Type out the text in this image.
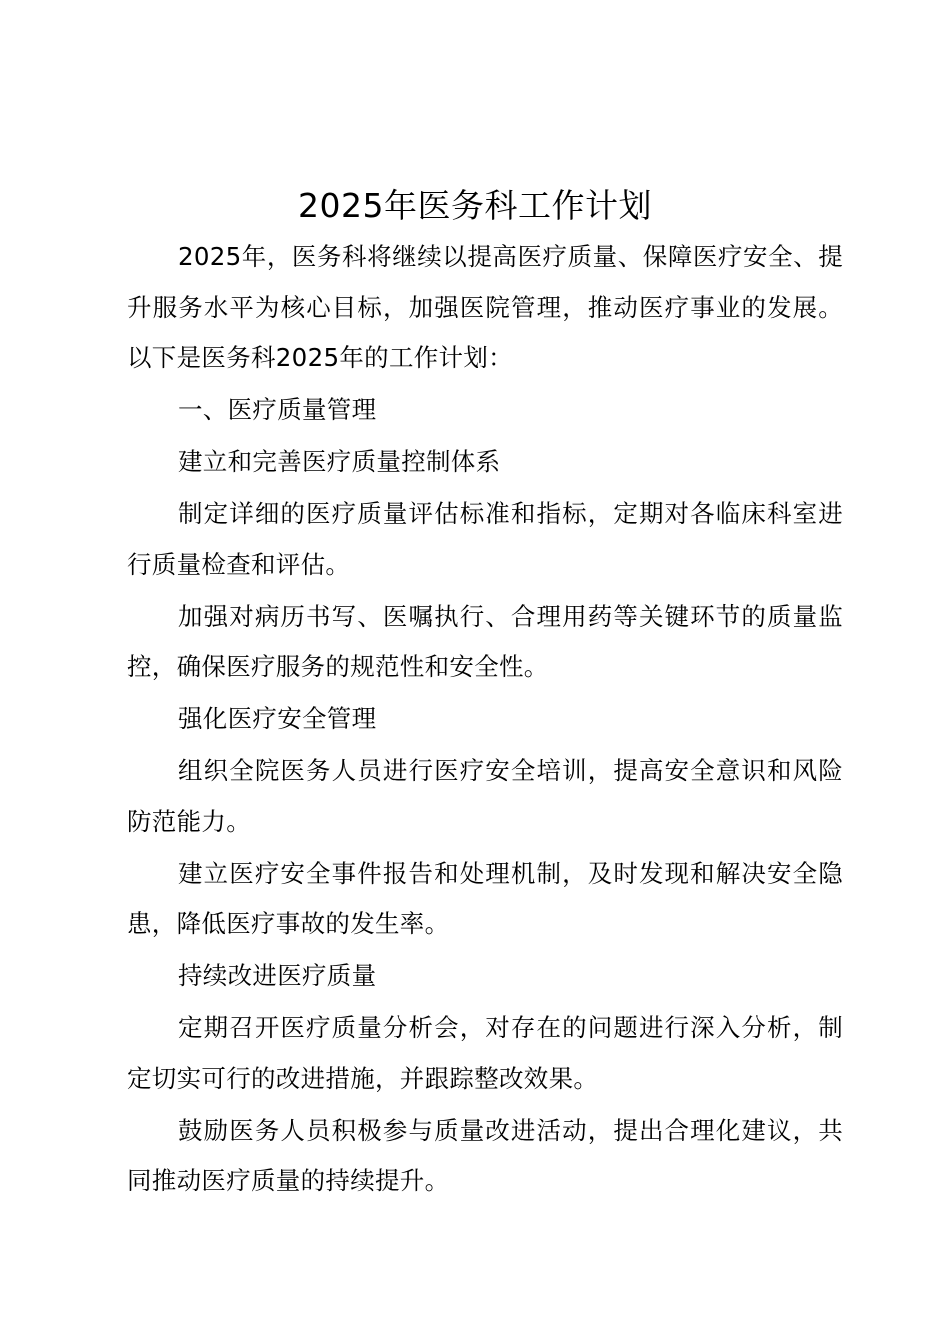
2025年医务科工作计划

2025年，医务科将继续以提高医疗质量、保障医疗安全、提升服务水平为核心目标，加强医院管理，推动医疗事业的发展。以下是医务科2025年的工作计划：

一、医疗质量管理

建立和完善医疗质量控制体系

制定详细的医疗质量评估标准和指标，定期对各临床科室进行质量检查和评估。

加强对病历书写、医嘱执行、合理用药等关键环节的质量监控，确保医疗服务的规范性和安全性。

强化医疗安全管理

组织全院医务人员进行医疗安全培训，提高安全意识和风险防范能力。

建立医疗安全事件报告和处理机制，及时发现和解决安全隐患，降低医疗事故的发生率。

持续改进医疗质量

定期召开医疗质量分析会，对存在的问题进行深入分析，制定切实可行的改进措施，并跟踪整改效果。

鼓励医务人员积极参与质量改进活动，提出合理化建议，共同推动医疗质量的持续提升。
